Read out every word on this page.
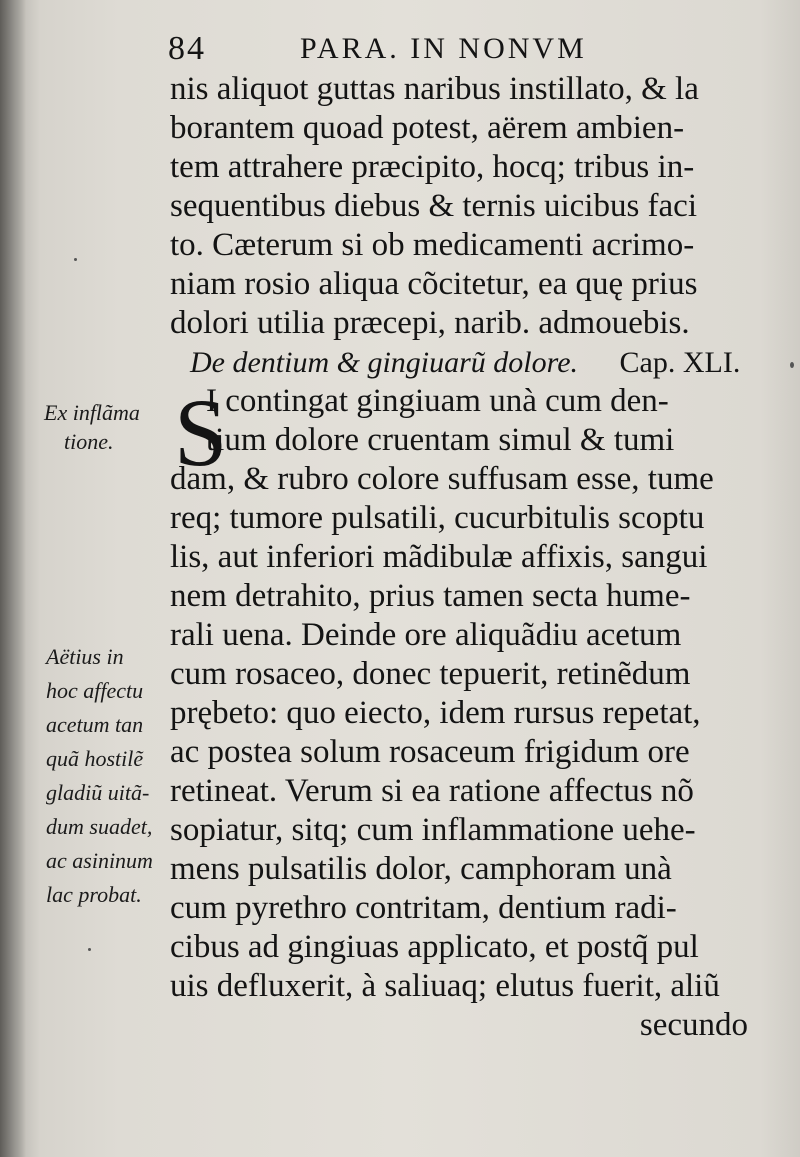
84	PARA. IN NONVM
nis aliquot guttas naribus instillato, & la
borantem quoad potest, aërem ambien-
tem attrahere præcipito, hocq; tribus in-
sequentibus diebus & ternis uicibus faci
to. Cæterum si ob medicamenti acrimo-
niam rosio aliqua cõcitetur, ea quę prius
dolori utilia præcepi, narib. admouebis.
De dentium & gingiuarũ dolore. Cap. XLI.
I contingat gingiuam unà cum den-
tium dolore cruentam simul & tumi
dam, & rubro colore suffusam esse, tume
req; tumore pulsatili, cucurbitulis scoptu
lis, aut inferiori mãdibulæ affixis, sangui
nem detrahito, prius tamen secta hume-
rali uena. Deinde ore aliquãdiu acetum
cum rosaceo, donec tepuerit, retinẽdum
prębeto: quo eiecto, idem rursus repetat,
ac postea solum rosaceum frigidum ore
retineat. Verum si ea ratione affectus nõ
sopiatur, sitq; cum inflammatione uehe-
mens pulsatilis dolor, camphoram unà
cum pyrethro contritam, dentium radi-
cibus ad gingiuas applicato, et postq̃ pul
uis defluxerit, à saliuaq; elutus fuerit, aliũ
secundo
S
Ex inflãma
tione.
Aëtius in
hoc affectu
acetum tan
quã hostilẽ
gladiũ uitã-
dum suadet,
ac asininum
lac probat.
